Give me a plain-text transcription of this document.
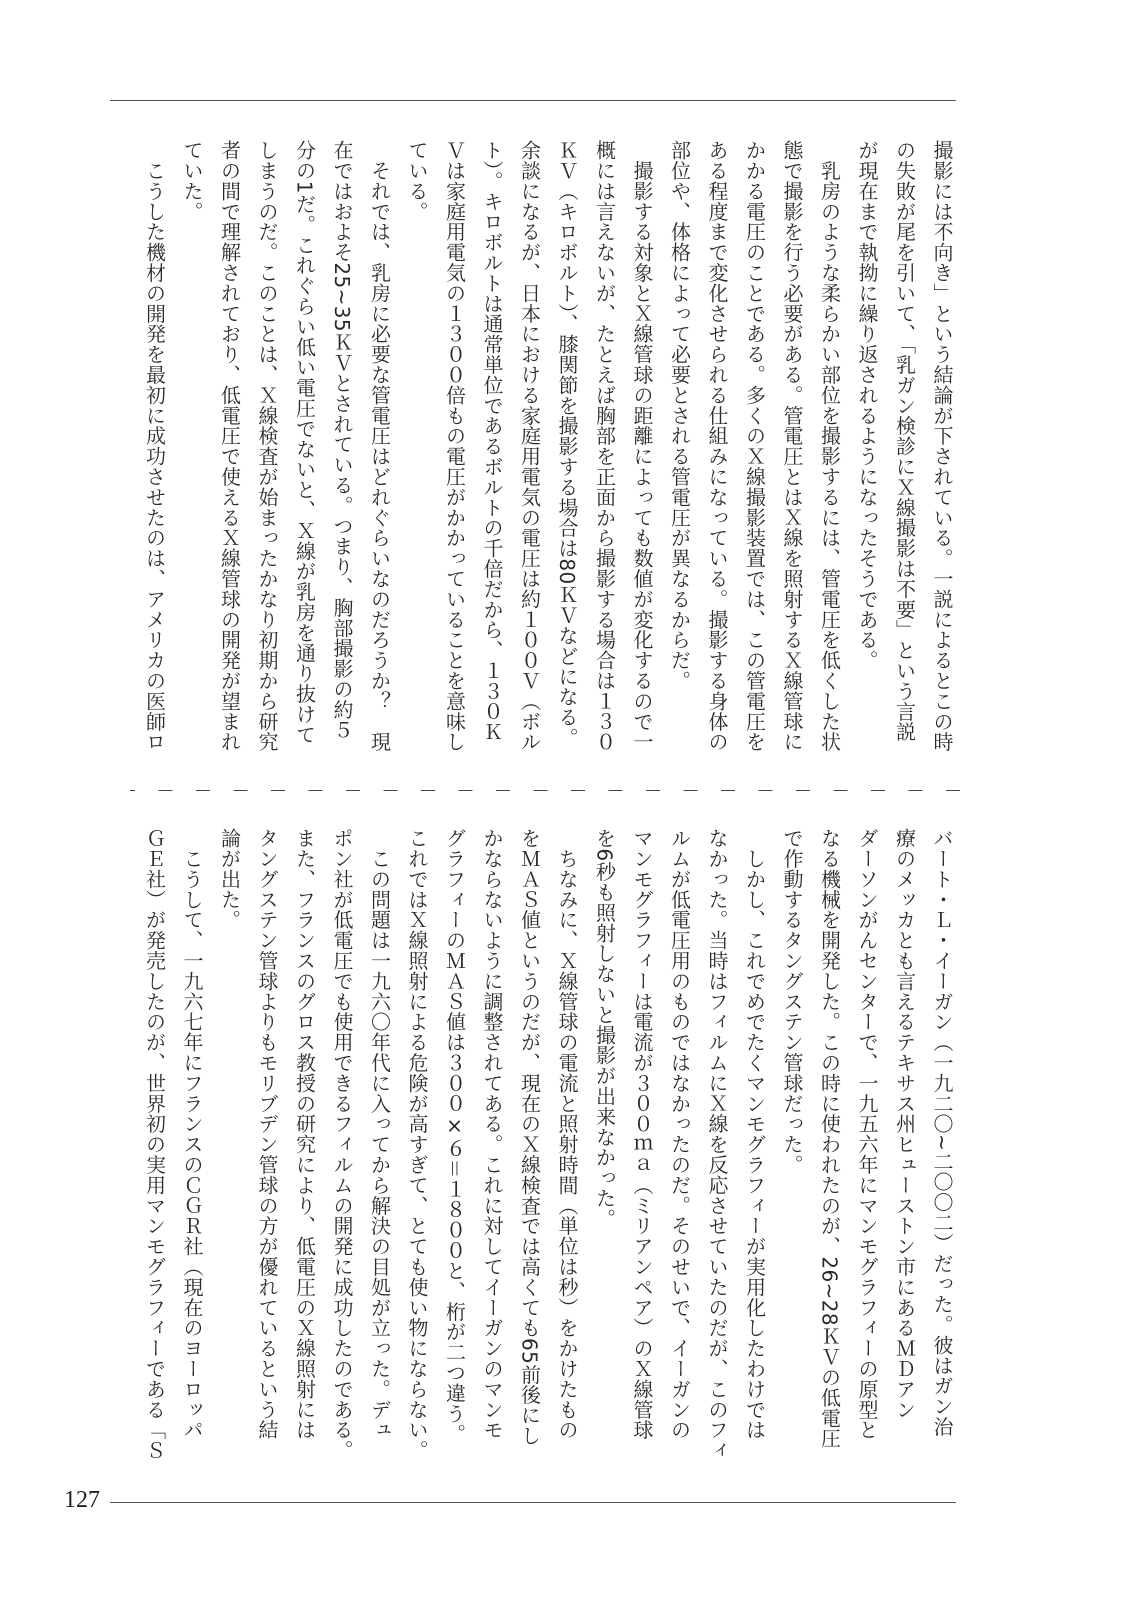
撮影には不向き」という結論が下されている。一説によるとこの時
の失敗が尾を引いて、「乳ガン検診にＸ線撮影は不要」という言説
が現在まで執拗に繰り返されるようになったそうである。
　乳房のような柔らかい部位を撮影するには、管電圧を低くした状
態で撮影を行う必要がある。管電圧とはＸ線を照射するＸ線管球に
かかる電圧のことである。多くのＸ線撮影装置では、この管電圧を
ある程度まで変化させられる仕組みになっている。撮影する身体の
部位や、体格によって必要とされる管電圧が異なるからだ。
　撮影する対象とＸ線管球の距離によっても数値が変化するので一
概には言えないが、たとえば胸部を正面から撮影する場合は１３０
ＫＶ（キロボルト）、膝関節を撮影する場合は80ＫＶなどになる。
余談になるが、日本における家庭用電気の電圧は約１００Ｖ（ボル
ト）。キロボルトは通常単位であるボルトの千倍だから、１３０Ｋ
Ｖは家庭用電気の１３００倍もの電圧がかかっていることを意味し
ている。
　それでは、乳房に必要な管電圧はどれぐらいなのだろうか？　現
在ではおよそ25~35ＫＶとされている。つまり、胸部撮影の約５
分の1だ。これぐらい低い電圧でないと、Ｘ線が乳房を通り抜けて
しまうのだ。このことは、Ｘ線検査が始まったかなり初期から研究
者の間で理解されており、低電圧で使えるＸ線管球の開発が望まれ
ていた。
　こうした機材の開発を最初に成功させたのは、アメリカの医師ロ
バート・Ｌ・イーガン（一九二〇~二〇〇二）だった。彼はガン治
療のメッカとも言えるテキサス州ヒューストン市にあるＭＤアン
ダーソンがんセンターで、一九五六年にマンモグラフィーの原型と
なる機械を開発した。この時に使われたのが、26~28ＫＶの低電圧
で作動するタングステン管球だった。
　しかし、これでめでたくマンモグラフィーが実用化したわけでは
なかった。当時はフィルムにＸ線を反応させていたのだが、このフィ
ルムが低電圧用のものではなかったのだ。そのせいで、イーガンの
マンモグラフィーは電流が３００ｍａ（ミリアンペア）のＸ線管球
を6秒も照射しないと撮影が出来なかった。
　ちなみに、Ｘ線管球の電流と照射時間（単位は秒）をかけたもの
をＭＡＳ値というのだが、現在のＸ線検査では高くても65前後にし
かならないように調整されてある。これに対してイーガンのマンモ
グラフィーのＭＡＳ値は３００×６＝１８００と、桁が二つ違う。
これではＸ線照射による危険が高すぎて、とても使い物にならない。
　この問題は一九六〇年代に入ってから解決の目処が立った。デュ
ポン社が低電圧でも使用できるフィルムの開発に成功したのである。
また、フランスのグロス教授の研究により、低電圧のＸ線照射には
タングステン管球よりもモリブデン管球の方が優れているという結
論が出た。
　こうして、一九六七年にフランスのＣＧＲ社（現在のヨーロッパ
ＧＥ社）が発売したのが、世界初の実用マンモグラフィーである「Ｓ
127
